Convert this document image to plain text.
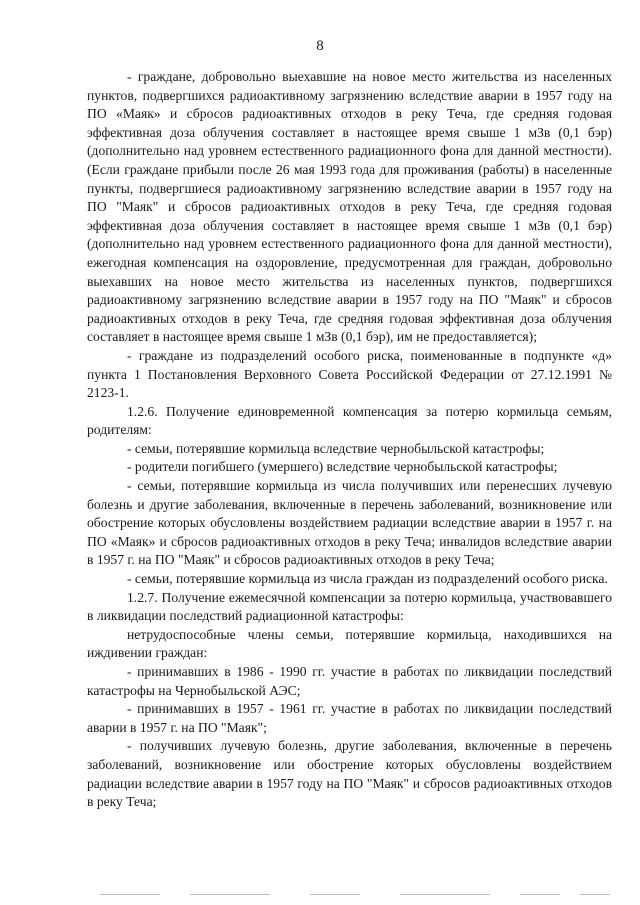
8

- граждане, добровольно выехавшие на новое место жительства из населенных пунктов, подвергшихся радиоактивному загрязнению вследствие аварии в 1957 году на ПО «Маяк» и сбросов радиоактивных отходов в реку Теча, где средняя годовая эффективная доза облучения составляет в настоящее время свыше 1 мЗв (0,1 бэр) (дополнительно над уровнем естественного радиационного фона для данной местности). (Если граждане прибыли после 26 мая 1993 года для проживания (работы) в населенные пункты, подвергшиеся радиоактивному загрязнению вследствие аварии в 1957 году на ПО "Маяк" и сбросов радиоактивных отходов в реку Теча, где средняя годовая эффективная доза облучения составляет в настоящее время свыше 1 мЗв (0,1 бэр) (дополнительно над уровнем естественного радиационного фона для данной местности), ежегодная компенсация на оздоровление, предусмотренная для граждан, добровольно выехавших на новое место жительства из населенных пунктов, подвергшихся радиоактивному загрязнению вследствие аварии в 1957 году на ПО "Маяк" и сбросов радиоактивных отходов в реку Теча, где средняя годовая эффективная доза облучения составляет в настоящее время свыше 1 мЗв (0,1 бэр), им не предоставляется);

- граждане из подразделений особого риска, поименованные в подпункте «д» пункта 1 Постановления Верховного Совета Российской Федерации от 27.12.1991 № 2123-1.

1.2.6. Получение единовременной компенсация за потерю кормильца семьям, родителям:

- семьи, потерявшие кормильца вследствие чернобыльской катастрофы;

- родители погибшего (умершего) вследствие чернобыльской катастрофы;

- семьи, потерявшие кормильца из числа получивших или перенесших лучевую болезнь и другие заболевания, включенные в перечень заболеваний, возникновение или обострение которых обусловлены воздействием радиации вследствие аварии в 1957 г. на ПО «Маяк» и сбросов радиоактивных отходов в реку Теча; инвалидов вследствие аварии в 1957 г. на ПО "Маяк" и сбросов радиоактивных отходов в реку Теча;

- семьи, потерявшие кормильца из числа граждан из подразделений особого риска.

1.2.7. Получение ежемесячной компенсации за потерю кормильца, участвовавшего в ликвидации последствий радиационной катастрофы:

нетрудоспособные члены семьи, потерявшие кормильца, находившихся на иждивении граждан:

- принимавших в 1986 - 1990 гг. участие в работах по ликвидации последствий катастрофы на Чернобыльской АЭС;

- принимавших в 1957 - 1961 гг. участие в работах по ликвидации последствий аварии в 1957 г. на ПО "Маяк";

- получивших лучевую болезнь, другие заболевания, включенные в перечень заболеваний, возникновение или обострение которых обусловлены воздействием радиации вследствие аварии в 1957 году на ПО "Маяк" и сбросов радиоактивных отходов в реку Теча;
